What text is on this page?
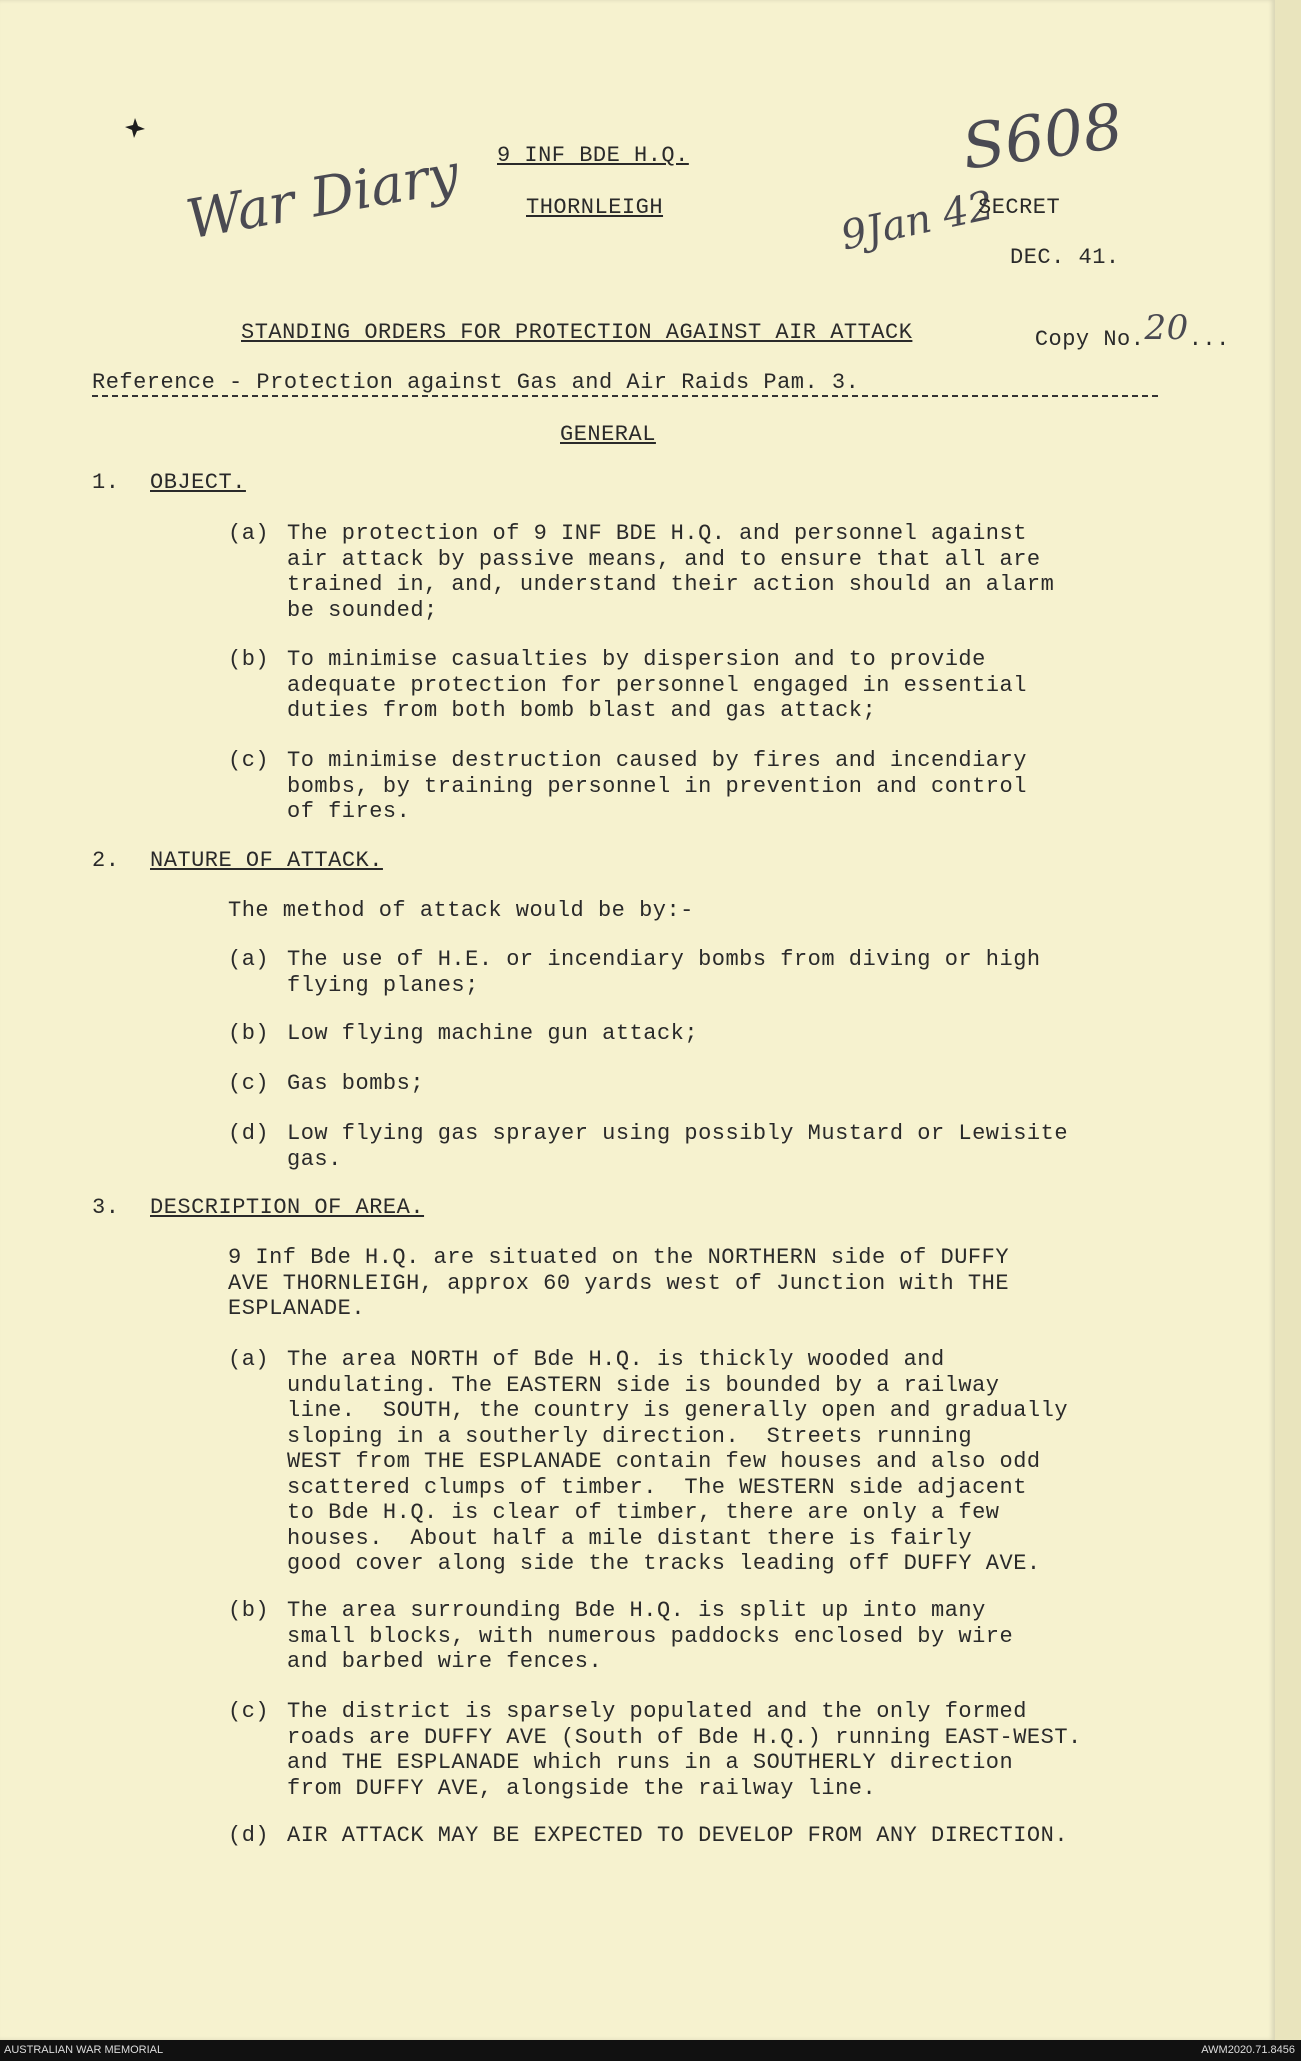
S608
War Diary	9Jan 42
9 INF BDE H.Q.
THORNLEIGH	SECRET
DEC. 41.

Copy No.20...

STANDING ORDERS FOR PROTECTION AGAINST AIR ATTACK
Reference - Protection against Gas and Air Raids Pam. 3.
GENERAL
1. OBJECT.
(a) The protection of 9 INF BDE H.Q. and personnel against
air attack by passive means, and to ensure that all are
trained in, and, understand their action should an alarm
be sounded;
(b) To minimise casualties by dispersion and to provide
adequate protection for personnel engaged in essential
duties from both bomb blast and gas attack;
(c) To minimise destruction caused by fires and incendiary
bombs, by training personnel in prevention and control
of fires.
2. NATURE OF ATTACK.
The method of attack would be by:-
(a) The use of H.E. or incendiary bombs from diving or high
flying planes;
(b) Low flying machine gun attack;
(c) Gas bombs;
(d) Low flying gas sprayer using possibly Mustard or Lewisite
gas.
3. DESCRIPTION OF AREA.
9 Inf Bde H.Q. are situated on the NORTHERN side of DUFFY
AVE THORNLEIGH, approx 60 yards west of Junction with THE
ESPLANADE.
(a) The area NORTH of Bde H.Q. is thickly wooded and
undulating. The EASTERN side is bounded by a railway
line.  SOUTH, the country is generally open and gradually
sloping in a southerly direction.  Streets running
WEST from THE ESPLANADE contain few houses and also odd
scattered clumps of timber.  The WESTERN side adjacent
to Bde H.Q. is clear of timber, there are only a few
houses.  About half a mile distant there is fairly
good cover along side the tracks leading off DUFFY AVE.
(b) The area surrounding Bde H.Q. is split up into many
small blocks, with numerous paddocks enclosed by wire
and barbed wire fences.
(c) The district is sparsely populated and the only formed
roads are DUFFY AVE (South of Bde H.Q.) running EAST-WEST.
and THE ESPLANADE which runs in a SOUTHERLY direction
from DUFFY AVE, alongside the railway line.
(d) AIR ATTACK MAY BE EXPECTED TO DEVELOP FROM ANY DIRECTION.
AUSTRALIAN WAR MEMORIAL	AWM2020.71.8456
